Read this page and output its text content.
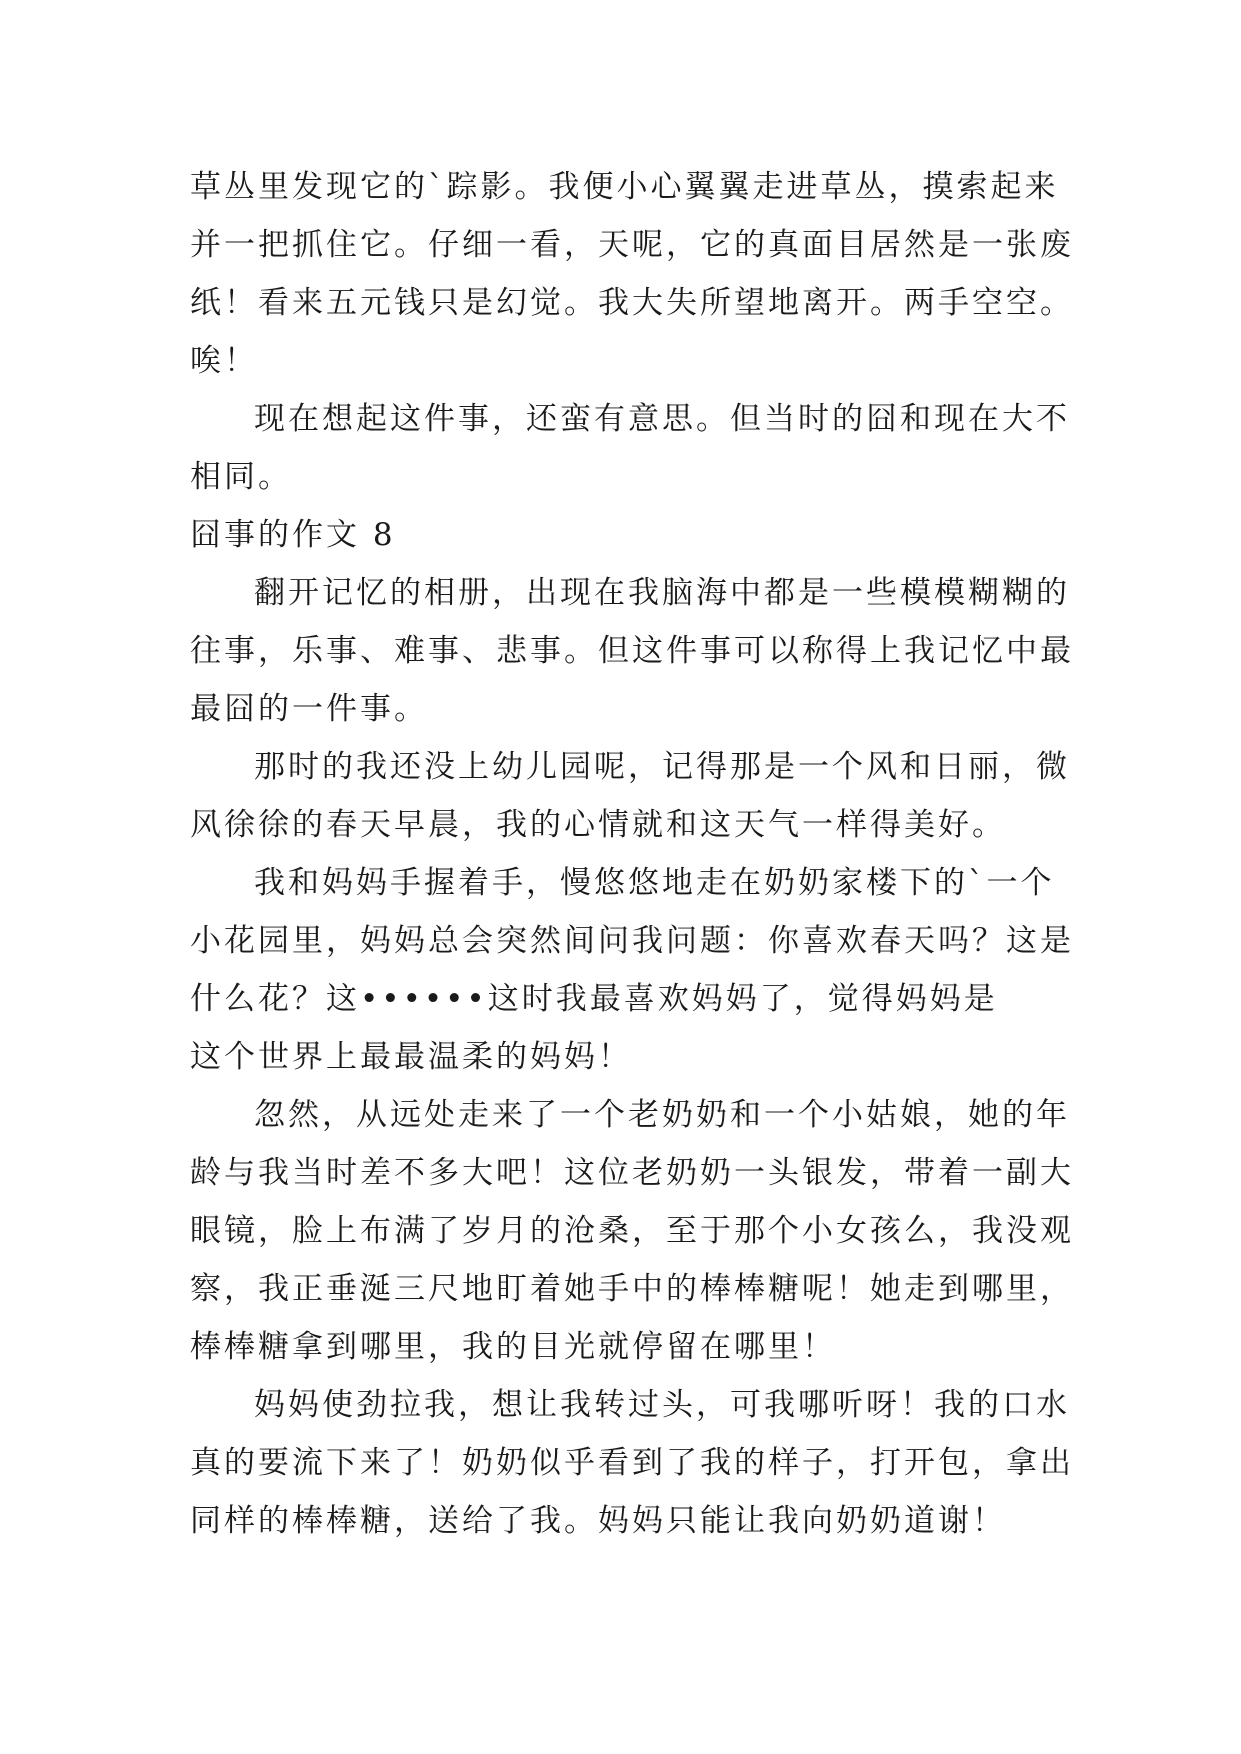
草丛里发现它的`踪影。我便小心翼翼走进草丛，摸索起来
并一把抓住它。仔细一看，天呢，它的真面目居然是一张废
纸！看来五元钱只是幻觉。我大失所望地离开。两手空空。
唉！
现在想起这件事，还蛮有意思。但当时的囧和现在大不
相同。
囧事的作文 8
翻开记忆的相册，出现在我脑海中都是一些模模糊糊的
往事，乐事、难事、悲事。但这件事可以称得上我记忆中最
最囧的一件事。
那时的我还没上幼儿园呢，记得那是一个风和日丽，微
风徐徐的春天早晨，我的心情就和这天气一样得美好。
我和妈妈手握着手，慢悠悠地走在奶奶家楼下的`一个
小花园里，妈妈总会突然间问我问题：你喜欢春天吗？这是
什么花？这••••••这时我最喜欢妈妈了，觉得妈妈是
这个世界上最最温柔的妈妈！
忽然，从远处走来了一个老奶奶和一个小姑娘，她的年
龄与我当时差不多大吧！这位老奶奶一头银发，带着一副大
眼镜，脸上布满了岁月的沧桑，至于那个小女孩么，我没观
察，我正垂涎三尺地盯着她手中的棒棒糖呢！她走到哪里，
棒棒糖拿到哪里，我的目光就停留在哪里！
妈妈使劲拉我，想让我转过头，可我哪听呀！我的口水
真的要流下来了！奶奶似乎看到了我的样子，打开包，拿出
同样的棒棒糖，送给了我。妈妈只能让我向奶奶道谢！
